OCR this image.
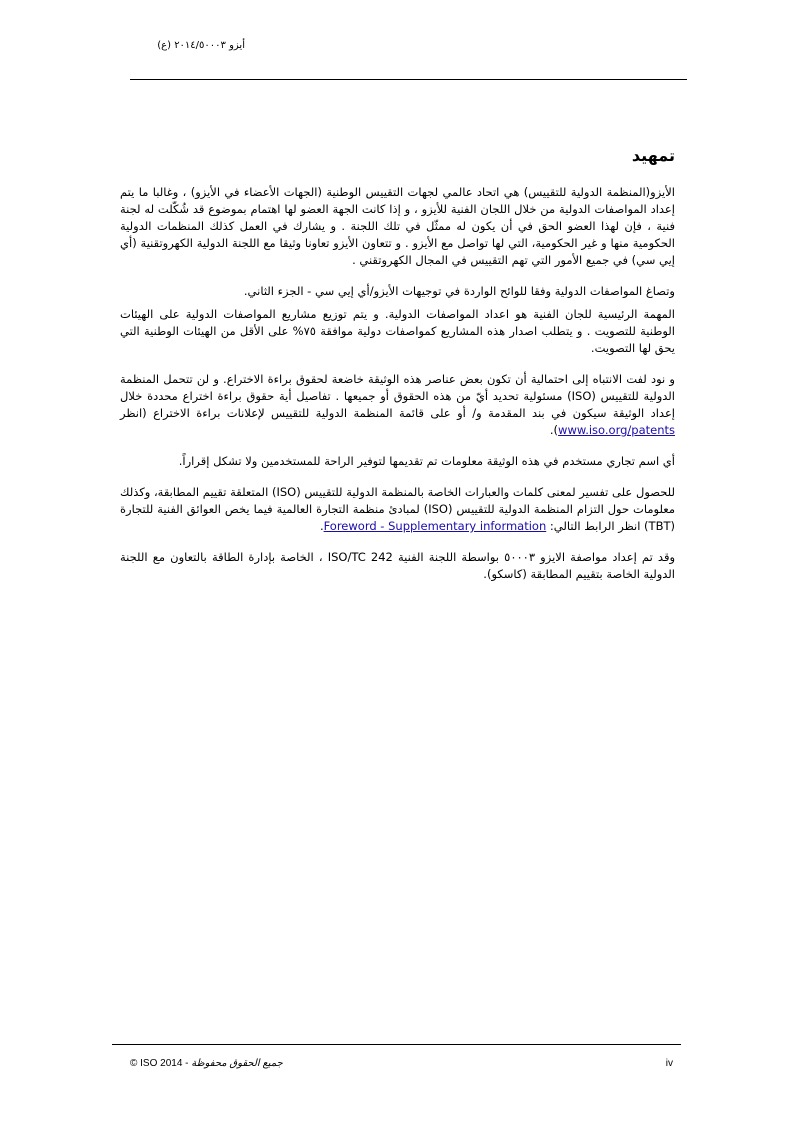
أيزو ٢٠١٤/٥٠٠٠٣ (ع)
تمهيد

الأيزو(المنظمة الدولية للتقييس) هي اتحاد عالمي لجهات التقييس الوطنية (الجهات الأعضاء في الأيزو) ، وغالبا ما يتم إعداد المواصفات الدولية من خلال اللجان الفنية للأيزو ، و إذا كانت الجهة العضو لها اهتمام بموضوع قد شُكّلت له لجنة فنية ، فإن لهذا العضو الحق في أن يكون له ممثّل في تلك اللجنة . و يشارك في العمل كذلك المنظمات الدولية الحكومية منها و غير الحكومية، التي لها تواصل مع الأيزو . و تتعاون الأيزو تعاونا وثيقا مع اللجنة الدولية الكهروتقنية (أي إيي سي) في جميع الأمور التي تهم التقييس في المجال الكهروتقني .

وتصاغ المواصفات الدولية وفقا للوائح الواردة في توجيهات الأيزو/أي إيي سي - الجزء الثاني.

المهمة الرئيسية للجان الفنية هو اعداد المواصفات الدولية. و يتم توزيع مشاريع المواصفات الدولية على الهيئات الوطنية للتصويت . و يتطلب اصدار هذه المشاريع كمواصفات دولية موافقة ٧٥% على الأقل من الهيئات الوطنية التي يحق لها التصويت.

و نود لفت الانتباه إلى احتمالية أن تكون بعض عناصر هذه الوثيقة خاضعة لحقوق براءة الاختراع. و لن تتحمل المنظمة الدولية للتقييس (ISO) مسئولية تحديد أيّ من هذه الحقوق أو جميعها . تفاصيل أية حقوق براءة اختراع محددة خلال إعداد الوثيقة سيكون في بند المقدمة و/ أو على قائمة المنظمة الدولية للتقييس لإعلانات براءة الاختراع (انظر www.iso.org/patents).

أي اسم تجاري مستخدم في هذه الوثيقة معلومات تم تقديمها لتوفير الراحة للمستخدمين ولا تشكل إقراراً.

للحصول على تفسير لمعنى كلمات والعبارات الخاصة بالمنظمة الدولية للتقييس (ISO) المتعلقة تقييم المطابقة، وكذلك معلومات حول التزام المنظمة الدولية للتقييس (ISO) لمبادئ منظمة التجارة العالمية فيما يخص العوائق الفنية للتجارة (TBT) انظر الرابط التالي: Foreword - Supplementary information.

وقد تم إعداد مواصفة الايزو ٥٠٠٠٣ بواسطة اللجنة الفنية ISO/TC 242 ، الخاصة بإدارة الطاقة بالتعاون مع اللجنة الدولية الخاصة بتقييم المطابقة (كاسكو).

© ISO 2014 - جميع الحقوق محفوظة	iv
